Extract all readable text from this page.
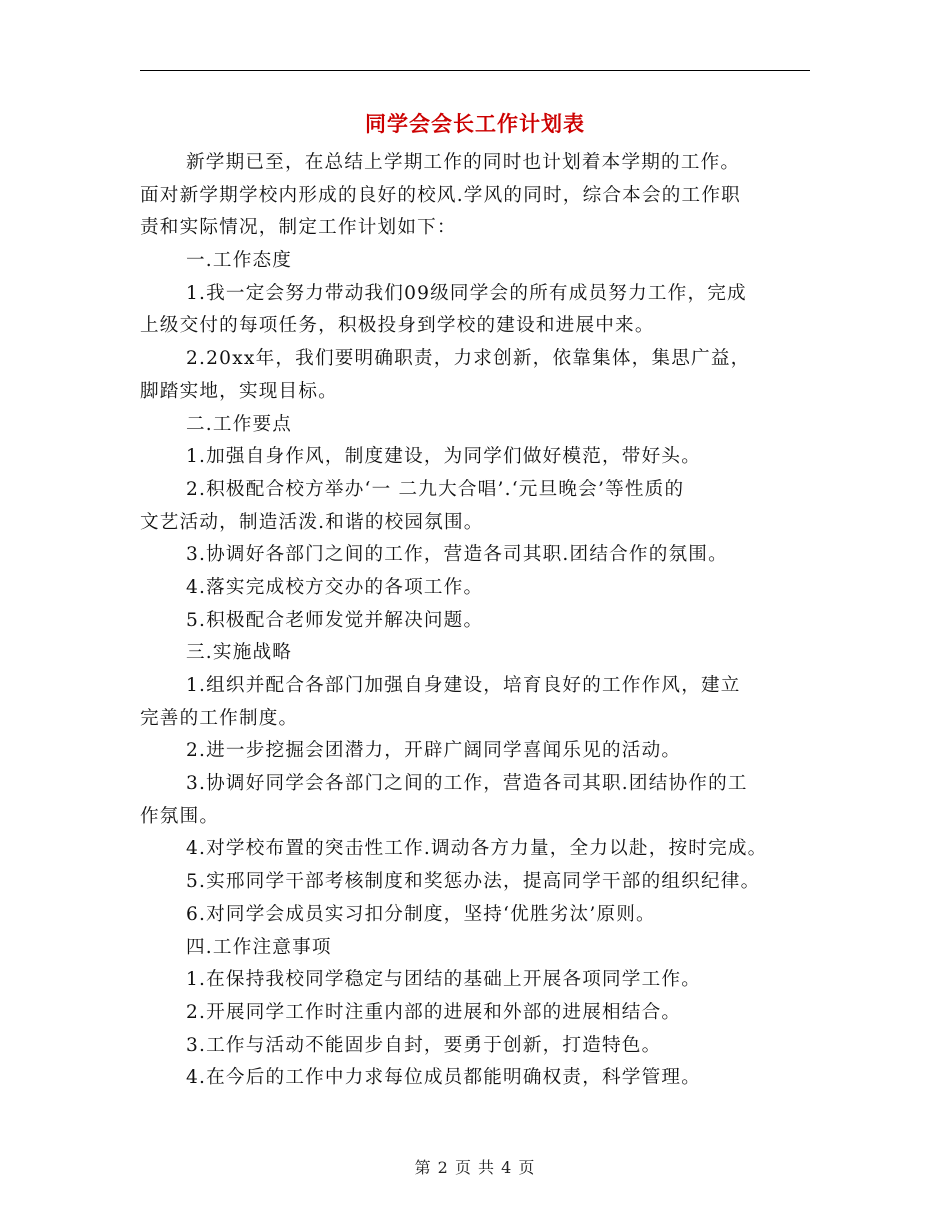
同学会会长工作计划表
新学期已至，在总结上学期工作的同时也计划着本学期的工作。
面对新学期学校内形成的良好的校风.学风的同时，综合本会的工作职
责和实际情况，制定工作计划如下：
一.工作态度
1.我一定会努力带动我们09级同学会的所有成员努力工作，完成
上级交付的每项任务，积极投身到学校的建设和进展中来。
2.20xx年，我们要明确职责，力求创新，依靠集体，集思广益，
脚踏实地，实现目标。
二.工作要点
1.加强自身作风，制度建设，为同学们做好模范，带好头。
2.积极配合校方举办‘一 二九大合唱’.‘元旦晚会’等性质的
文艺活动，制造活泼.和谐的校园氛围。
3.协调好各部门之间的工作，营造各司其职.团结合作的氛围。
4.落实完成校方交办的各项工作。
5.积极配合老师发觉并解决问题。
三.实施战略
1.组织并配合各部门加强自身建设，培育良好的工作作风，建立
完善的工作制度。
2.进一步挖掘会团潜力，开辟广阔同学喜闻乐见的活动。
3.协调好同学会各部门之间的工作，营造各司其职.团结协作的工
作氛围。
4.对学校布置的突击性工作.调动各方力量，全力以赴，按时完成。
5.实邢同学干部考核制度和奖惩办法，提高同学干部的组织纪律。
6.对同学会成员实习扣分制度，坚持‘优胜劣汰’原则。
四.工作注意事项
1.在保持我校同学稳定与团结的基础上开展各项同学工作。
2.开展同学工作时注重内部的进展和外部的进展相结合。
3.工作与活动不能固步自封，要勇于创新，打造特色。
4.在今后的工作中力求每位成员都能明确权责，科学管理。
第 2 页 共 4 页
